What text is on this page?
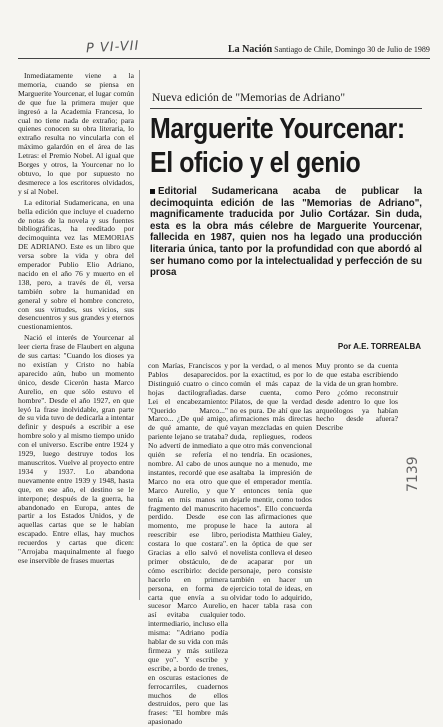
P VI-VII	La Nación Santiago de Chile, Domingo 30 de Julio de 1989

Inmediatamente viene a la memoria, cuando se piensa en Marguerite Yourcenar, el lugar común de que fue la primera mujer que ingresó a la Academia Francesa, lo cual no tiene nada de extraño; para quienes conocen su obra literaria, lo extraño resulta no vincularla con el máximo galardón en el área de las Letras: el Premio Nobel. Al igual que Borges y otros, la Yourcenar no lo obtuvo, lo que por supuesto no desmerece a los escritores olvidados, y sí al Nobel.

La editorial Sudamericana, en una bella edición que incluye el cuaderno de notas de la novela y sus fuentes bibliográficas, ha reeditado por decimoquinta vez las MEMORIAS DE ADRIANO. Este es un libro que versa sobre la vida y obra del emperador Publio Elio Adriano, nacido en el año 76 y muerto en el 138, pero, a través de él, versa también sobre la humanidad en general y sobre el hombre concreto, con sus virtudes, sus vicios, sus desencuentros y sus grandes y eternos cuestionamientos.

Nació el interés de Yourcenar al leer cierta frase de Flaubert en alguna de sus cartas: "Cuando los dioses ya no existían y Cristo no había aparecido aún, hubo un momento único, desde Cicerón hasta Marco Aurelio, en que sólo estuvo el hombre". Desde el año 1927, en que leyó la frase inolvidable, gran parte de su vida tuvo de dedicarla a intentar definir y después a escribir a ese hombre solo y al mismo tiempo unido con el universo. Escribe entre 1924 y 1929, luego destruye todos los manuscritos. Vuelve al proyecto entre 1934 y 1937. Lo abandona nuevamente entre 1939 y 1948, hasta que, en ese año, el destino se le interpone; después de la guerra, ha abandonado en Europa, antes de partir a los Estados Unidos, y de aquellas cartas que se le habían escapado. Entre ellas, hay muchos recuerdos y cartas que dicen: "Arrojaba maquinalmente al fuego ese inservible de frases muertas

Nueva edición de "Memorias de Adriano"
Marguerite Yourcenar:
El oficio y el genio
Editorial Sudamericana acaba de publicar la decimoquinta edición de las "Memorias de Adriano", magnificamente traducida por Julio Cortázar. Sin duda, esta es la obra más célebre de Marguerite Yourcenar, fallecida en 1987, quien nos ha legado una producción literaria única, tanto por la profundidad con que abordó al ser humano como por la intelectualidad y perfección de su prosa
Por A.E. TORREALBA

con Marías, Franciscos y Pablos desaparecidos. Distinguió cuatro o cinco hojas dactilografiadas. Lei el encabezamiento: "Querido Marco..." Marco... ¿De qué amigo, de qué amante, de qué pariente lejano se trataba? No advertí de inmediato a quién se refería el nombre. Al cabo de unos instantes, recordé que ese Marco no era otro que Marco Aurelio, y que tenía en mis manos un fragmento del manuscrito perdido. Desde ese momento, me propuse reescribir ese libro, costara lo que costara". Gracias a ello salvó el primer obstáculo, de cómo escribirlo: decide hacerlo en primera persona, en forma de carta que envía a su sucesor Marco Aurelio, así evitaba cualquier intermediario, incluso ella misma: "Adriano podía hablar de su vida con más firmeza y más sutileza que yo". Y escribe y escribe, a bordo de trenes, en oscuras estaciones de ferrocarriles, cuadernos muchos de ellos destruidos, pero que las frases: "El hombre más apasionado

por la verdad, o al menos por la exactitud, es por lo común el más capaz de darse cuenta, como Pilatos, de que la verdad no es pura. De ahí que las afirmaciones más directas vayan mezcladas en quien duda, repliegues, rodeos que otro más convencional no tendría. En ocasiones, aunque no a menudo, me asaltaba la impresión de que el emperador mentía. Y entonces tenía que dejarle mentir, como todos hacemos". Ello concuerda con las afirmaciones que le hace la autora al periodista Matthieu Galey, en la óptica de que ser novelista conlleva el deseo de acaparar por un personaje, pero consiste también en hacer un ejercicio total de ideas, en olvidar todo lo adquirido, en hacer tabla rasa con todo.

Muy pronto se da cuenta de que estaba escribiendo la vida de un gran hombre. Pero ¿cómo reconstruir desde adentro lo que los arqueólogos ya habían hecho desde afuera? Describe

7139
